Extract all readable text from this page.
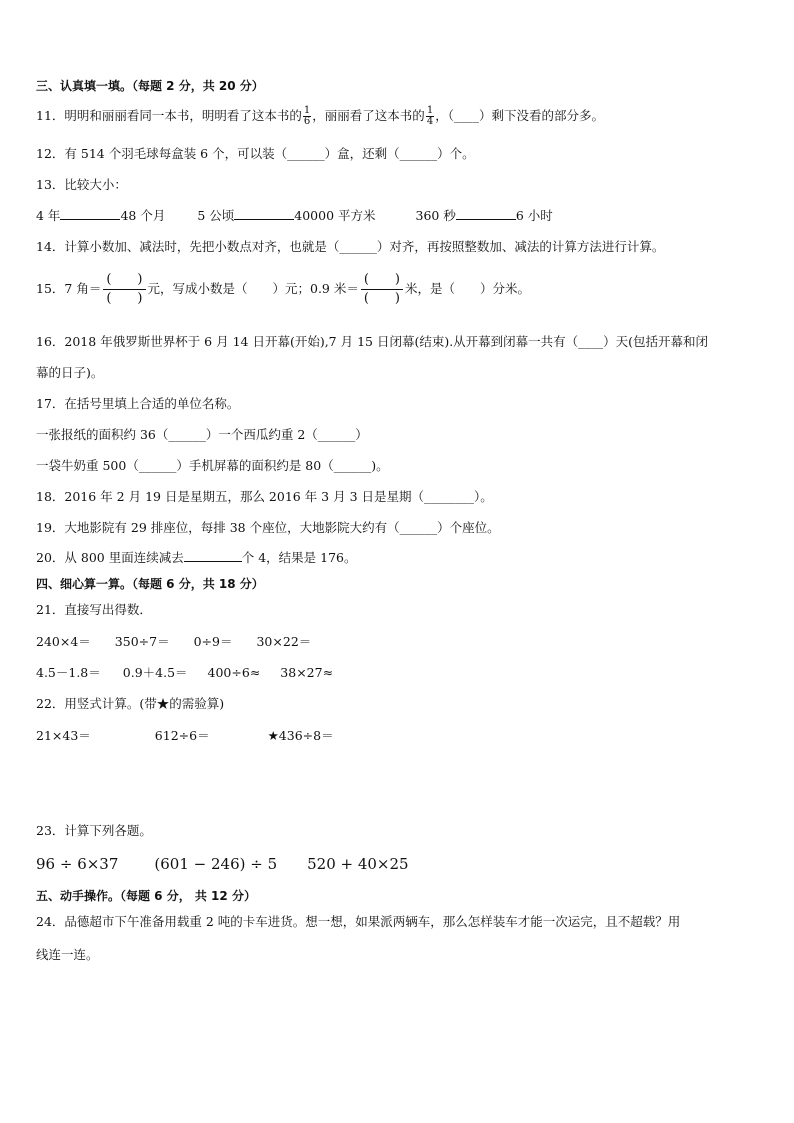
三、认真填一填。（每题 2 分，共 20 分）
11．明明和丽丽看同一本书，明明看了这本书的 $\frac{1}{6}$ ，丽丽看了这本书的 $\frac{1}{4}$ ，（____）剩下没看的部分多。
12．有 514 个羽毛球每盒装 6 个，可以装（______）盒，还剩（______）个。
13．比较大小：
4 年	48 个月	5 公顷	40000 平方米	360 秒	6 小时
14．计算小数加、减法时，先把小数点对齐，也就是（______）对齐，再按照整数加、减法的计算方法进行计算。
15．7 角＝
(　　)
(　　)
元，写成小数是（　　）元；0.9 米＝
(　　)
(　　)
米，是（　　）分米。
16．2018 年俄罗斯世界杯于 6 月 14 日开幕(开始),7 月 15 日闭幕(结束).从开幕到闭幕一共有（____）天(包括开幕和闭
幕的日子)。
17．在括号里填上合适的单位名称。
一张报纸的面积约 36（______）一个西瓜约重 2（______）
一袋牛奶重 500（______）手机屏幕的面积约是 80（______)。
18．2016 年 2 月 19 日是星期五，那么 2016 年 3 月 3 日是星期（________）。
19．大地影院有 29 排座位，每排 38 个座位，大地影院大约有（______）个座位。
20．从 800 里面连续减去	个 4，结果是 176。
四、细心算一算。（每题 6 分，共 18 分）
21．直接写出得数．
240×4＝ 350÷7＝ 0÷9＝ 30×22＝
4.5－1.8＝ 0.9＋4.5＝ 400÷6≈ 38×27≈
22．用竖式计算。(带★的需验算)
21×43＝	612÷6＝	★436÷8＝
23．计算下列各题。
96 ÷ 6×37 (601 − 246) ÷ 5 520 + 40×25
五、动手操作。（每题 6 分， 共 12 分）
24．品德超市下午准备用载重 2 吨的卡车进货。想一想，如果派两辆车，那么怎样装车才能一次运完，且不超载？用
线连一连。
